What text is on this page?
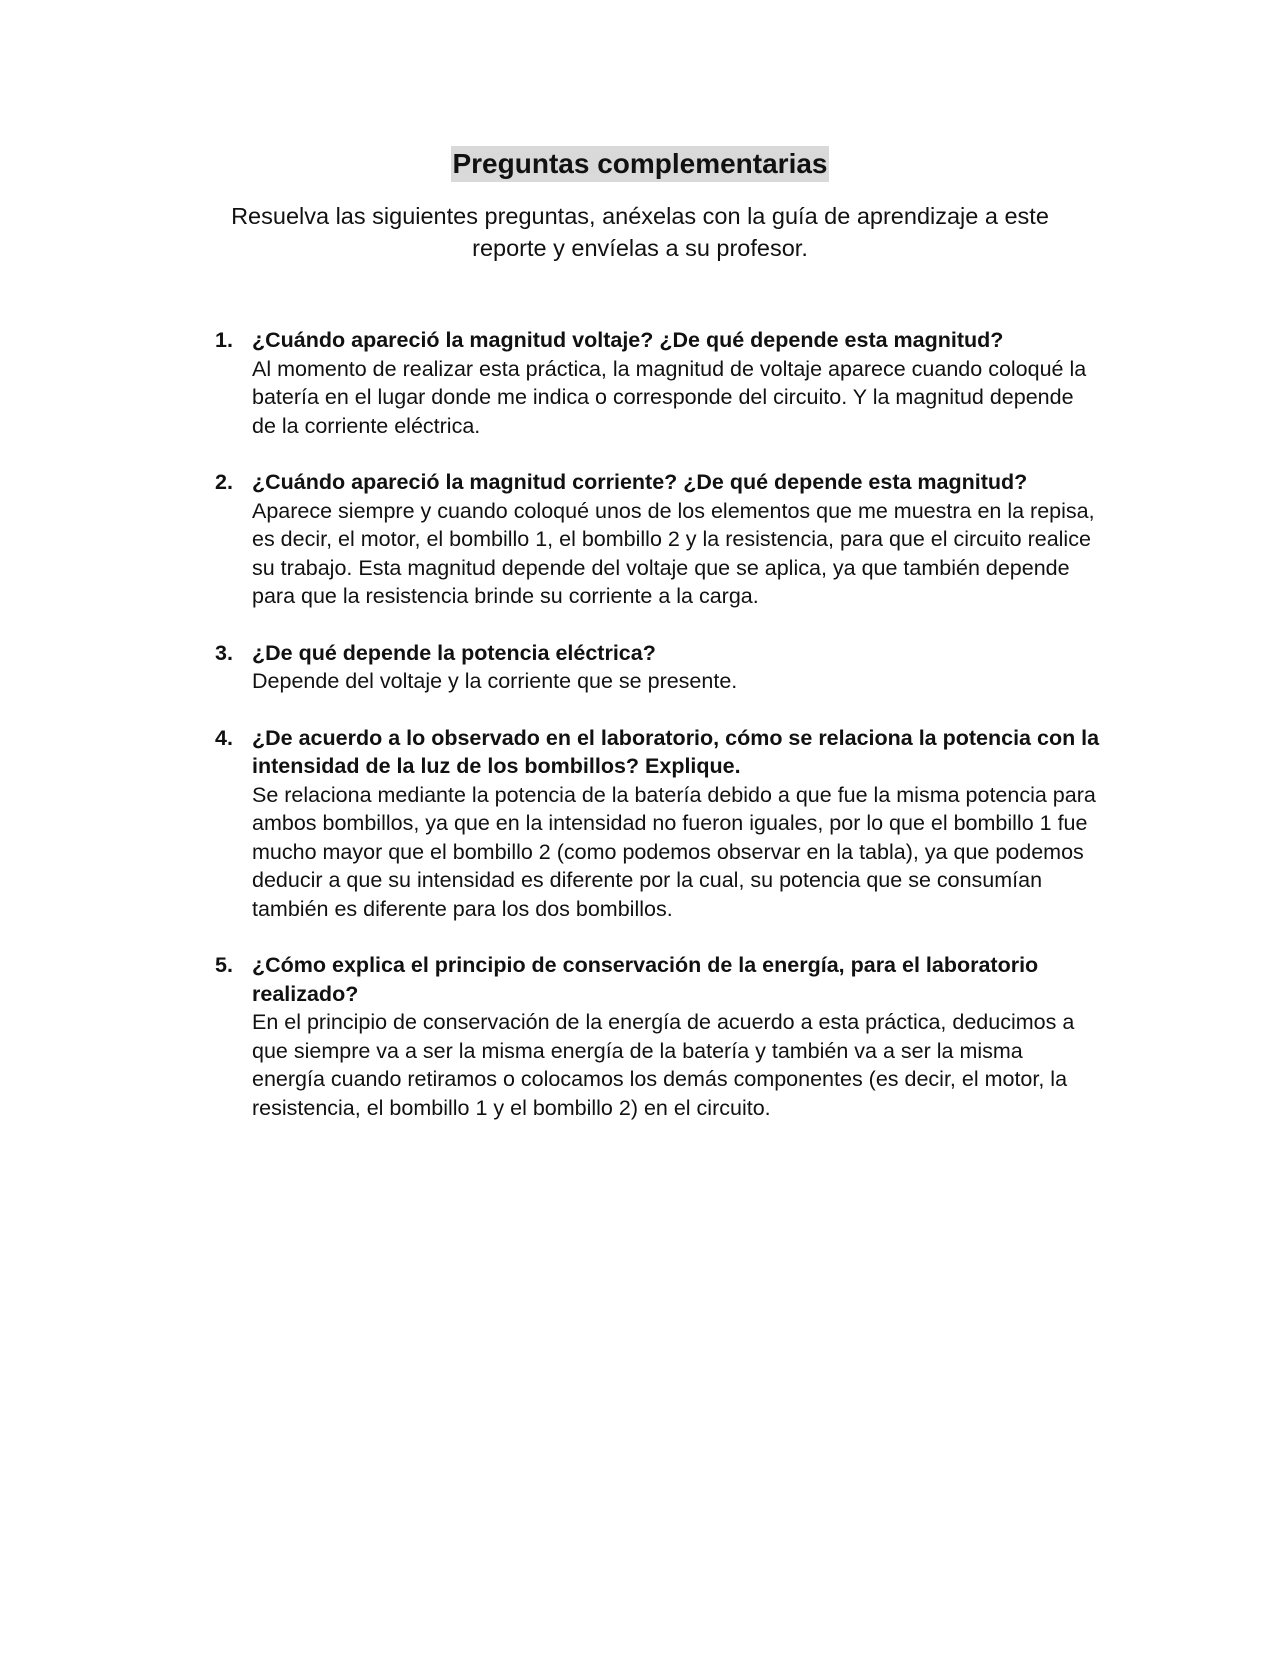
Preguntas complementarias
Resuelva las siguientes preguntas, anéxelas con la guía de aprendizaje a este
reporte y envíelas a su profesor.
1. ¿Cuándo apareció la magnitud voltaje? ¿De qué depende esta magnitud?
Al momento de realizar esta práctica, la magnitud de voltaje aparece cuando coloqué la batería en el lugar donde me indica o corresponde del circuito. Y la magnitud depende de la corriente eléctrica.
2. ¿Cuándo apareció la magnitud corriente? ¿De qué depende esta magnitud?
Aparece siempre y cuando coloqué unos de los elementos que me muestra en la repisa, es decir, el motor, el bombillo 1, el bombillo 2 y la resistencia, para que el circuito realice su trabajo. Esta magnitud depende del voltaje que se aplica, ya que también depende para que la resistencia brinde su corriente a la carga.
3. ¿De qué depende la potencia eléctrica?
Depende del voltaje y la corriente que se presente.
4. ¿De acuerdo a lo observado en el laboratorio, cómo se relaciona la potencia con la intensidad de la luz de los bombillos? Explique.
Se relaciona mediante la potencia de la batería debido a que fue la misma potencia para ambos bombillos, ya que en la intensidad no fueron iguales, por lo que el bombillo 1 fue mucho mayor que el bombillo 2 (como podemos observar en la tabla), ya que podemos deducir a que su intensidad es diferente por la cual, su potencia que se consumían también es diferente para los dos bombillos.
5. ¿Cómo explica el principio de conservación de la energía, para el laboratorio realizado?
En el principio de conservación de la energía de acuerdo a esta práctica, deducimos a que siempre va a ser la misma energía de la batería y también va a ser la misma energía cuando retiramos o colocamos los demás componentes (es decir, el motor, la resistencia, el bombillo 1 y el bombillo 2) en el circuito.
